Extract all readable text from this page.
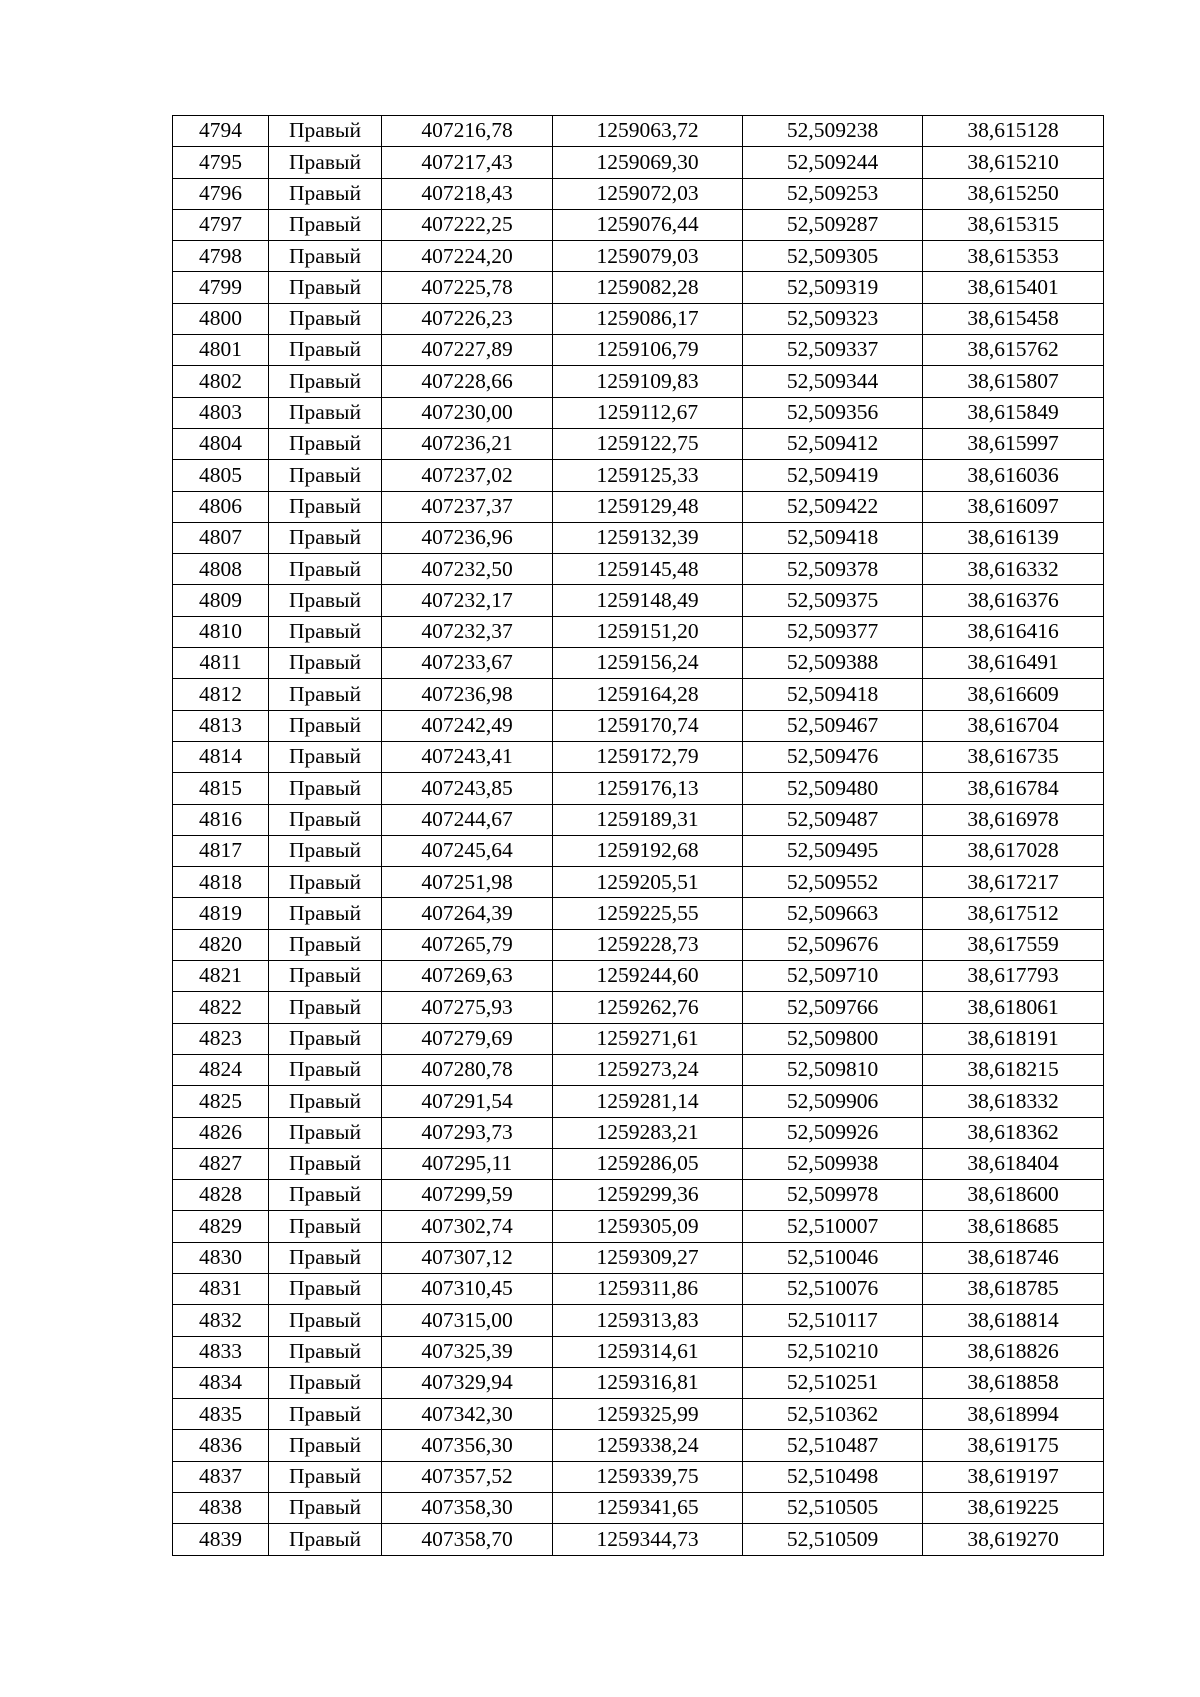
4794	Правый	407216,78	1259063,72	52,509238	38,615128
4795	Правый	407217,43	1259069,30	52,509244	38,615210
4796	Правый	407218,43	1259072,03	52,509253	38,615250
4797	Правый	407222,25	1259076,44	52,509287	38,615315
4798	Правый	407224,20	1259079,03	52,509305	38,615353
4799	Правый	407225,78	1259082,28	52,509319	38,615401
4800	Правый	407226,23	1259086,17	52,509323	38,615458
4801	Правый	407227,89	1259106,79	52,509337	38,615762
4802	Правый	407228,66	1259109,83	52,509344	38,615807
4803	Правый	407230,00	1259112,67	52,509356	38,615849
4804	Правый	407236,21	1259122,75	52,509412	38,615997
4805	Правый	407237,02	1259125,33	52,509419	38,616036
4806	Правый	407237,37	1259129,48	52,509422	38,616097
4807	Правый	407236,96	1259132,39	52,509418	38,616139
4808	Правый	407232,50	1259145,48	52,509378	38,616332
4809	Правый	407232,17	1259148,49	52,509375	38,616376
4810	Правый	407232,37	1259151,20	52,509377	38,616416
4811	Правый	407233,67	1259156,24	52,509388	38,616491
4812	Правый	407236,98	1259164,28	52,509418	38,616609
4813	Правый	407242,49	1259170,74	52,509467	38,616704
4814	Правый	407243,41	1259172,79	52,509476	38,616735
4815	Правый	407243,85	1259176,13	52,509480	38,616784
4816	Правый	407244,67	1259189,31	52,509487	38,616978
4817	Правый	407245,64	1259192,68	52,509495	38,617028
4818	Правый	407251,98	1259205,51	52,509552	38,617217
4819	Правый	407264,39	1259225,55	52,509663	38,617512
4820	Правый	407265,79	1259228,73	52,509676	38,617559
4821	Правый	407269,63	1259244,60	52,509710	38,617793
4822	Правый	407275,93	1259262,76	52,509766	38,618061
4823	Правый	407279,69	1259271,61	52,509800	38,618191
4824	Правый	407280,78	1259273,24	52,509810	38,618215
4825	Правый	407291,54	1259281,14	52,509906	38,618332
4826	Правый	407293,73	1259283,21	52,509926	38,618362
4827	Правый	407295,11	1259286,05	52,509938	38,618404
4828	Правый	407299,59	1259299,36	52,509978	38,618600
4829	Правый	407302,74	1259305,09	52,510007	38,618685
4830	Правый	407307,12	1259309,27	52,510046	38,618746
4831	Правый	407310,45	1259311,86	52,510076	38,618785
4832	Правый	407315,00	1259313,83	52,510117	38,618814
4833	Правый	407325,39	1259314,61	52,510210	38,618826
4834	Правый	407329,94	1259316,81	52,510251	38,618858
4835	Правый	407342,30	1259325,99	52,510362	38,618994
4836	Правый	407356,30	1259338,24	52,510487	38,619175
4837	Правый	407357,52	1259339,75	52,510498	38,619197
4838	Правый	407358,30	1259341,65	52,510505	38,619225
4839	Правый	407358,70	1259344,73	52,510509	38,619270
